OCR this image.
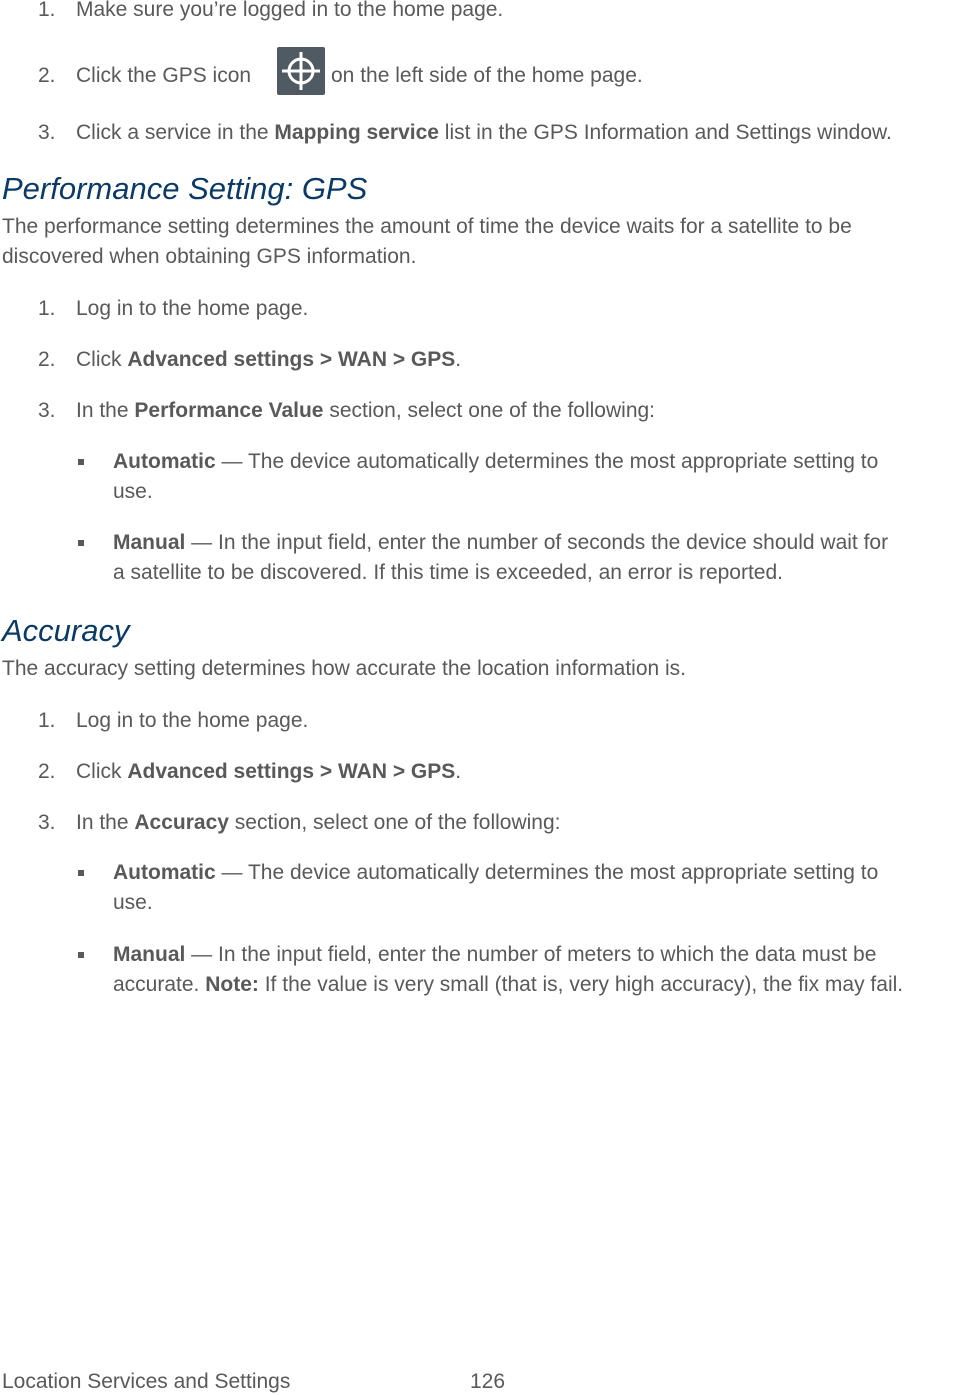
1. Make sure you’re logged in to the home page.
2. Click the GPS icon	on the left side of the home page.
3. Click a service in the Mapping service list in the GPS Information and Settings window.
Performance Setting: GPS
The performance setting determines the amount of time the device waits for a satellite to be
discovered when obtaining GPS information.
1. Log in to the home page.
2. Click Advanced settings > WAN > GPS.
3. In the Performance Value section, select one of the following:
Automatic — The device automatically determines the most appropriate setting to
use.
Manual — In the input field, enter the number of seconds the device should wait for
a satellite to be discovered. If this time is exceeded, an error is reported.
Accuracy
The accuracy setting determines how accurate the location information is.
1. Log in to the home page.
2. Click Advanced settings > WAN > GPS.
3. In the Accuracy section, select one of the following:
Automatic — The device automatically determines the most appropriate setting to
use.
Manual — In the input field, enter the number of meters to which the data must be
accurate. Note: If the value is very small (that is, very high accuracy), the fix may fail.
Location Services and Settings	126
